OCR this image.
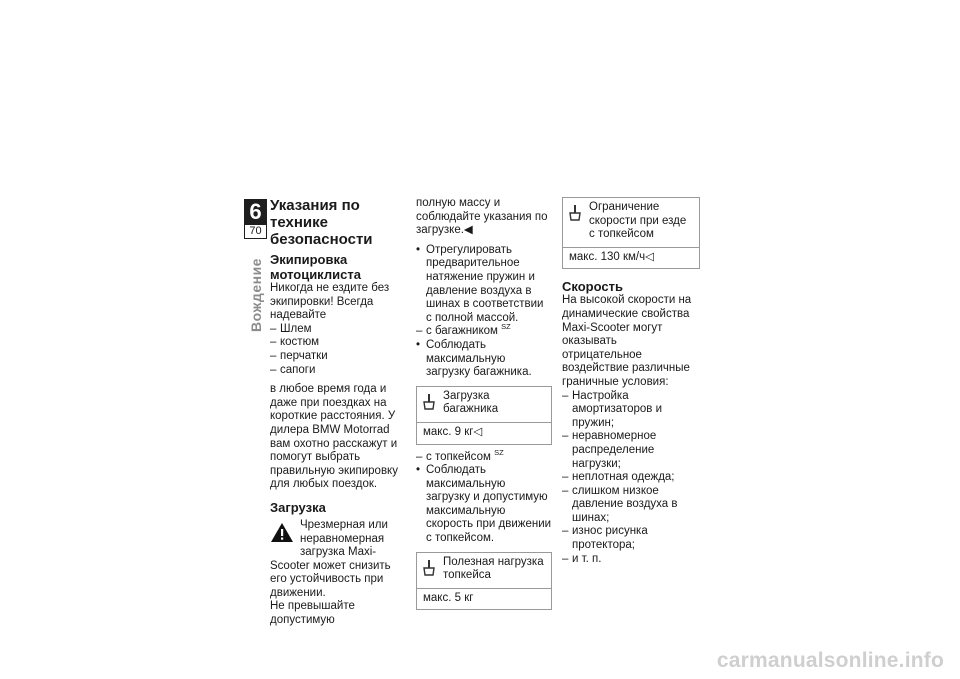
6
70
Вождение

Указания по технике безопасности

Экипировка мотоциклиста

Никогда не ездите без экипировки! Всегда надевайте

– Шлем
– костюм
– перчатки
– сапоги

в любое время года и даже при поездках на короткие расстояния. У дилера BMW Motorrad вам охотно расскажут и помогут выбрать правильную экипировку для любых поездок.

Загрузка

Чрезмерная или неравномерная загрузка Maxi-

Scooter может снизить его устойчивость при движении.

Не превышайте допустимую

полную массу и соблюдайте указания по загрузке.◀

• Отрегулировать предварительное натяжение пружин и давление воздуха в шинах в соответствии с полной массой.
– с багажником $^{SZ}$
• Соблюдать максимальную загрузку багажника.
Загрузка багажника
макс. 9 кг◁
– с топкейсом $^{SZ}$
• Соблюдать максимальную загрузку и допустимую максимальную скорость при движении с топкейсом.
Полезная нагрузка топкейса
макс. 5 кг
Ограничение скорости при езде с топкейсом
макс. 130 км/ч◁

Скорость

На высокой скорости на динамические свойства Maxi-Scooter могут оказывать отрицательное воздействие различные граничные условия:

– Настройка амортизаторов и пружин;
– неравномерное распределение нагрузки;
– неплотная одежда;
– слишком низкое давление воздуха в шинах;
– износ рисунка протектора;
– и т. п.
carmanualsonline.info
